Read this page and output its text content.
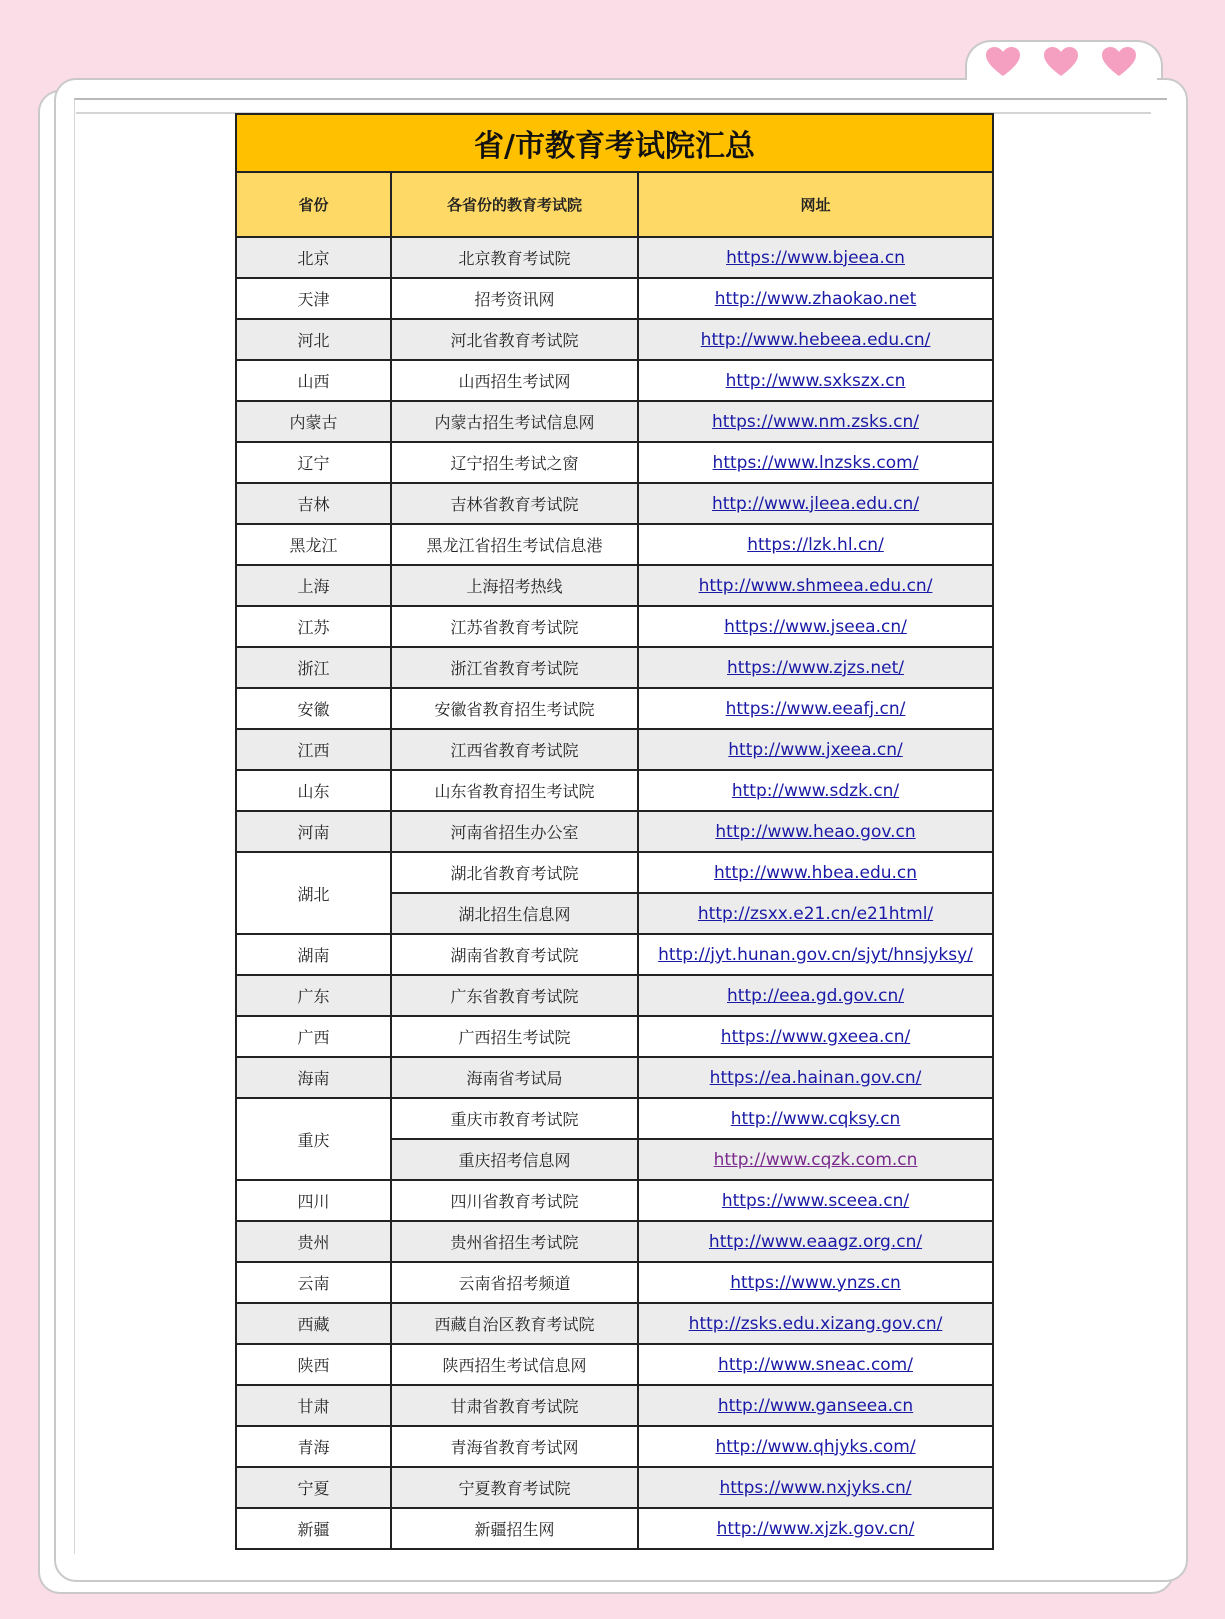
省/市教育考试院汇总		
省份	各省份的教育考试院	网址
北京	北京教育考试院	https://www.bjeea.cn
天津	招考资讯网	http://www.zhaokao.net
河北	河北省教育考试院	http://www.hebeea.edu.cn/
山西	山西招生考试网	http://www.sxkszx.cn
内蒙古	内蒙古招生考试信息网	https://www.nm.zsks.cn/
辽宁	辽宁招生考试之窗	https://www.lnzsks.com/
吉林	吉林省教育考试院	http://www.jleea.edu.cn/
黑龙江	黑龙江省招生考试信息港	https://lzk.hl.cn/
上海	上海招考热线	http://www.shmeea.edu.cn/
江苏	江苏省教育考试院	https://www.jseea.cn/
浙江	浙江省教育考试院	https://www.zjzs.net/
安徽	安徽省教育招生考试院	https://www.eeafj.cn/
江西	江西省教育考试院	http://www.jxeea.cn/
山东	山东省教育招生考试院	http://www.sdzk.cn/
河南	河南省招生办公室	http://www.heao.gov.cn
湖北	湖北省教育考试院	http://www.hbea.edu.cn
	湖北招生信息网	http://zsxx.e21.cn/e21html/
湖南	湖南省教育考试院	http://jyt.hunan.gov.cn/sjyt/hnsjyksy/
广东	广东省教育考试院	http://eea.gd.gov.cn/
广西	广西招生考试院	https://www.gxeea.cn/
海南	海南省考试局	https://ea.hainan.gov.cn/
重庆	重庆市教育考试院	http://www.cqksy.cn
	重庆招考信息网	http://www.cqzk.com.cn
四川	四川省教育考试院	https://www.sceea.cn/
贵州	贵州省招生考试院	http://www.eaagz.org.cn/
云南	云南省招考频道	https://www.ynzs.cn
西藏	西藏自治区教育考试院	http://zsks.edu.xizang.gov.cn/
陕西	陕西招生考试信息网	http://www.sneac.com/
甘肃	甘肃省教育考试院	http://www.ganseea.cn
青海	青海省教育考试网	http://www.qhjyks.com/
宁夏	宁夏教育考试院	https://www.nxjyks.cn/
新疆	新疆招生网	http://www.xjzk.gov.cn/
